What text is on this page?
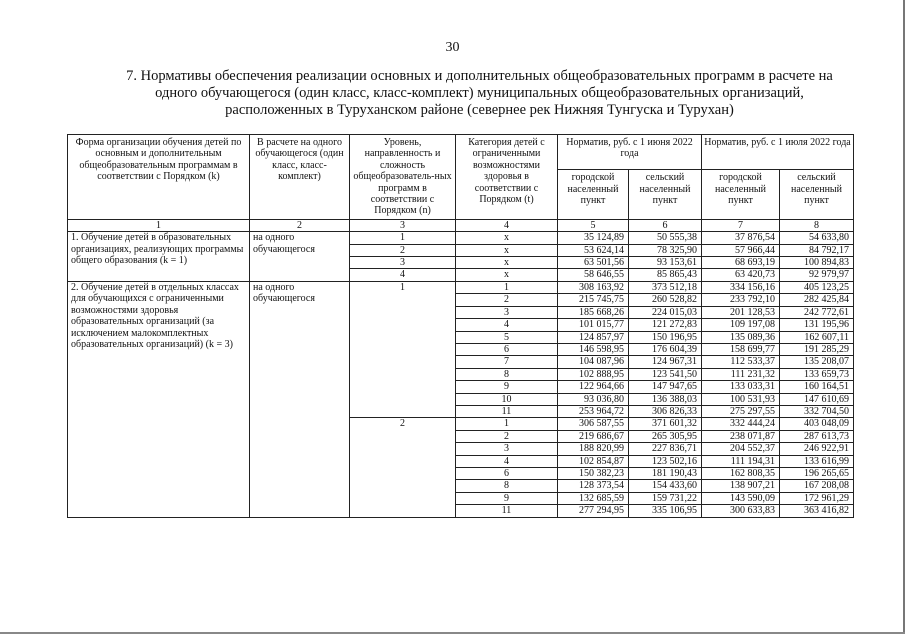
30
7. Нормативы обеспечения реализации основных и дополнительных общеобразовательных программ в расчете на одного обучающегося (один класс, класс-комплект) муниципальных общеобразовательных организаций, расположенных в Туруханском районе (севернее рек Нижняя Тунгуска и Турухан)
Форма организации обучения детей по основным и дополнительным общеобразовательным программам в соответствии с Порядком (k)	В расчете на одного обучающегося (один класс, класс-комплект)	Уровень, направленность и сложность общеобразователь-ных программ в соответствии с Порядком (n)	Категория детей с ограниченными возможностями здоровья в соответствии с Порядком (t)	Норматив, руб. с 1 июня 2022 года		Норматив, руб. с 1 июля 2022 года	
				городской населенный пункт	сельский населенный пункт	городской населенный пункт	сельский населенный пункт
1	2	3	4	5	6	7	8
1. Обучение детей в образовательных организациях, реализующих программы общего образования (k = 1)	на одного обучающегося	1	х	35 124,89	50 555,38	37 876,54	54 633,80
		2	х	53 624,14	78 325,90	57 966,44	84 792,17
		3	х	63 501,56	93 153,61	68 693,19	100 894,83
		4	х	58 646,55	85 865,43	63 420,73	92 979,97
2. Обучение детей в отдельных классах для обучающихся с ограниченными возможностями здоровья образовательных организаций (за исключением малокомплектных образовательных организаций) (k = 3)	на одного обучающегося	1	1	308 163,92	373 512,18	334 156,16	405 123,25
			2	215 745,75	260 528,82	233 792,10	282 425,84
			3	185 668,26	224 015,03	201 128,53	242 772,61
			4	101 015,77	121 272,83	109 197,08	131 195,96
			5	124 857,97	150 196,95	135 089,36	162 607,11
			6	146 598,95	176 604,39	158 699,77	191 285,29
			7	104 087,96	124 967,31	112 533,37	135 208,07
			8	102 888,95	123 541,50	111 231,32	133 659,73
			9	122 964,66	147 947,65	133 033,31	160 164,51
			10	93 036,80	136 388,03	100 531,93	147 610,69
			11	253 964,72	306 826,33	275 297,55	332 704,50
		2	1	306 587,55	371 601,32	332 444,24	403 048,09
			2	219 686,67	265 305,95	238 071,87	287 613,73
			3	188 820,99	227 836,71	204 552,37	246 922,91
			4	102 854,87	123 502,16	111 194,31	133 616,99
			6	150 382,23	181 190,43	162 808,35	196 265,65
			8	128 373,54	154 433,60	138 907,21	167 208,08
			9	132 685,59	159 731,22	143 590,09	172 961,29
			11	277 294,95	335 106,95	300 633,83	363 416,82
